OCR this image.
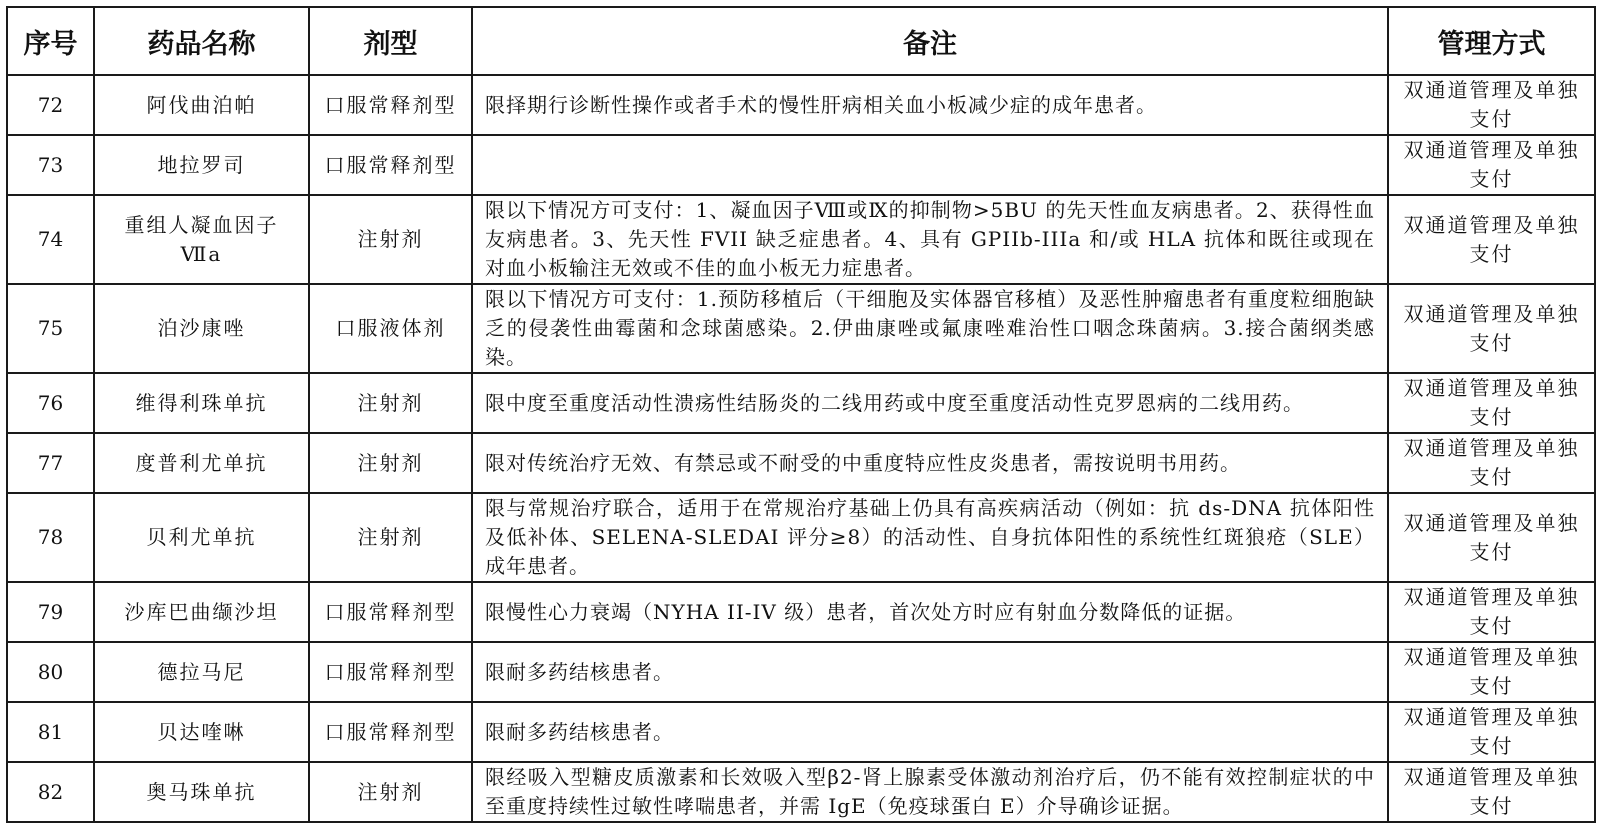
序号	药品名称	剂型	备注	管理方式
72	阿伐曲泊帕	口服常释剂型	限择期行诊断性操作或者手术的慢性肝病相关血小板减少症的成年患者。	双通道管理及单独支付
73	地拉罗司	口服常释剂型		双通道管理及单独支付
74	重组人凝血因子Ⅶa	注射剂	限以下情况方可支付：1、凝血因子Ⅷ或Ⅸ的抑制物>5BU 的先天性血友病患者。2、获得性血友病患者。3、先天性 FVII 缺乏症患者。4、具有 GPIIb-IIIa 和/或 HLA 抗体和既往或现在对血小板输注无效或不佳的血小板无力症患者。	双通道管理及单独支付
75	泊沙康唑	口服液体剂	限以下情况方可支付：1.预防移植后（干细胞及实体器官移植）及恶性肿瘤患者有重度粒细胞缺乏的侵袭性曲霉菌和念球菌感染。2.伊曲康唑或氟康唑难治性口咽念珠菌病。3.接合菌纲类感染。	双通道管理及单独支付
76	维得利珠单抗	注射剂	限中度至重度活动性溃疡性结肠炎的二线用药或中度至重度活动性克罗恩病的二线用药。	双通道管理及单独支付
77	度普利尤单抗	注射剂	限对传统治疗无效、有禁忌或不耐受的中重度特应性皮炎患者，需按说明书用药。	双通道管理及单独支付
78	贝利尤单抗	注射剂	限与常规治疗联合，适用于在常规治疗基础上仍具有高疾病活动（例如：抗 ds-DNA 抗体阳性及低补体、SELENA-SLEDAI 评分≥8）的活动性、自身抗体阳性的系统性红斑狼疮（SLE）成年患者。	双通道管理及单独支付
79	沙库巴曲缬沙坦	口服常释剂型	限慢性心力衰竭（NYHA II-IV 级）患者，首次处方时应有射血分数降低的证据。	双通道管理及单独支付
80	德拉马尼	口服常释剂型	限耐多药结核患者。	双通道管理及单独支付
81	贝达喹啉	口服常释剂型	限耐多药结核患者。	双通道管理及单独支付
82	奥马珠单抗	注射剂	限经吸入型糖皮质激素和长效吸入型β2-肾上腺素受体激动剂治疗后，仍不能有效控制症状的中至重度持续性过敏性哮喘患者，并需 IgE（免疫球蛋白 E）介导确诊证据。	双通道管理及单独支付
